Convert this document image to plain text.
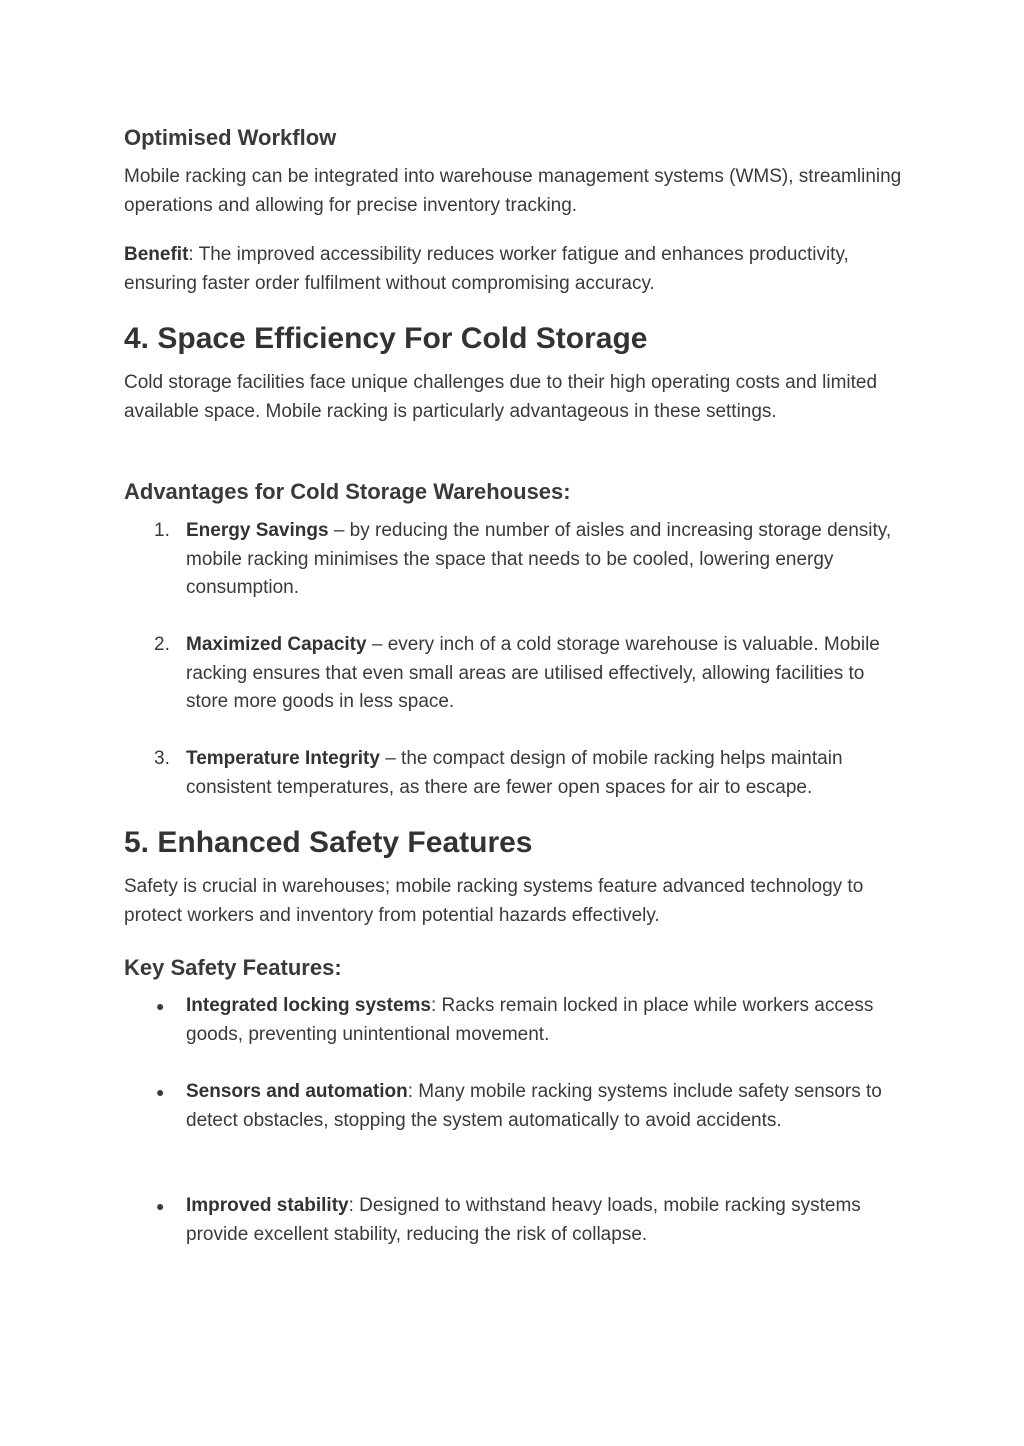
Optimised Workflow
Mobile racking can be integrated into warehouse management systems (WMS), streamlining operations and allowing for precise inventory tracking.
Benefit: The improved accessibility reduces worker fatigue and enhances productivity, ensuring faster order fulfilment without compromising accuracy.
4. Space Efficiency For Cold Storage
Cold storage facilities face unique challenges due to their high operating costs and limited available space. Mobile racking is particularly advantageous in these settings.
Advantages for Cold Storage Warehouses:
1. Energy Savings – by reducing the number of aisles and increasing storage density, mobile racking minimises the space that needs to be cooled, lowering energy consumption.
2. Maximized Capacity – every inch of a cold storage warehouse is valuable. Mobile racking ensures that even small areas are utilised effectively, allowing facilities to store more goods in less space.
3. Temperature Integrity – the compact design of mobile racking helps maintain consistent temperatures, as there are fewer open spaces for air to escape.
5. Enhanced Safety Features
Safety is crucial in warehouses; mobile racking systems feature advanced technology to protect workers and inventory from potential hazards effectively.
Key Safety Features:
● Integrated locking systems: Racks remain locked in place while workers access goods, preventing unintentional movement.
● Sensors and automation: Many mobile racking systems include safety sensors to detect obstacles, stopping the system automatically to avoid accidents.
● Improved stability: Designed to withstand heavy loads, mobile racking systems provide excellent stability, reducing the risk of collapse.
